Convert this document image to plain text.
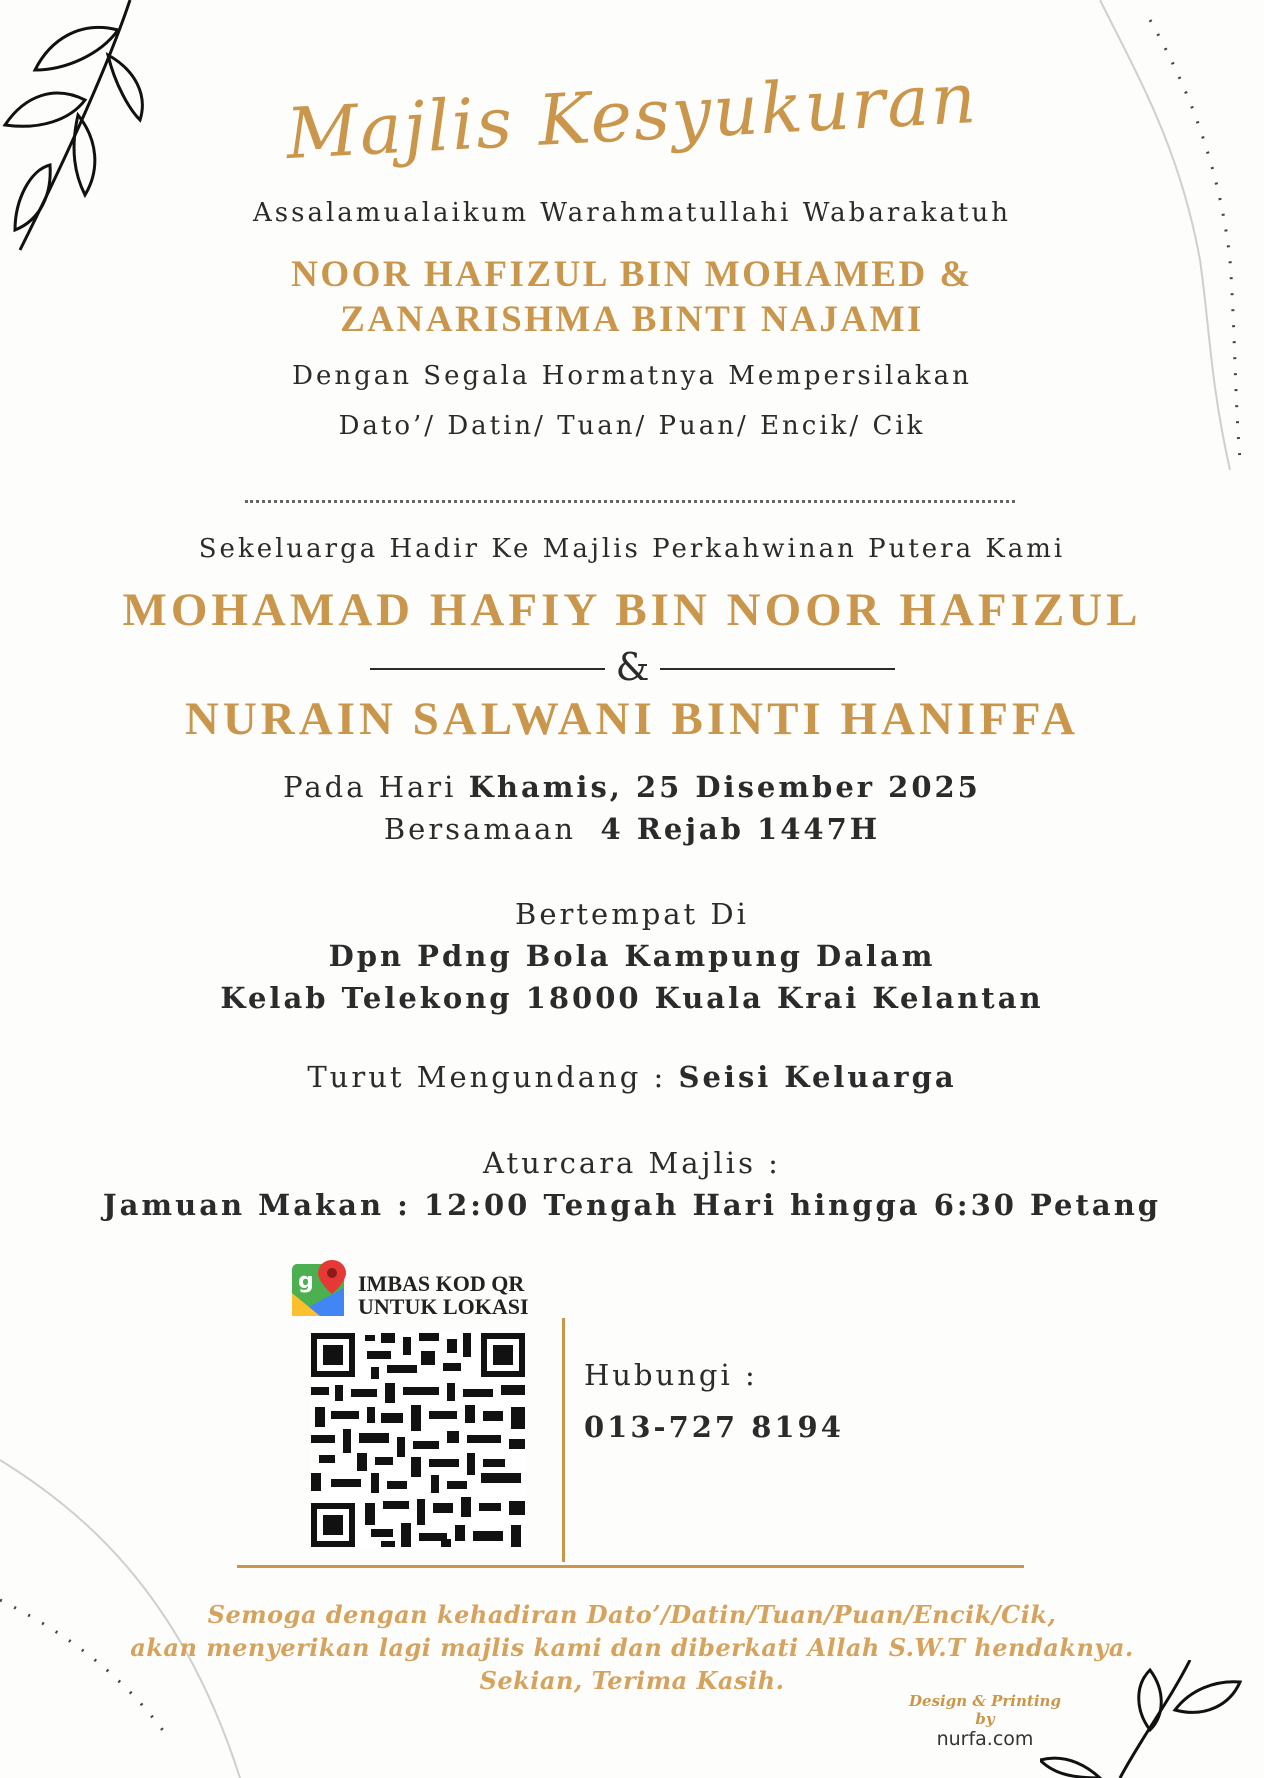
Majlis Kesyukuran
Assalamualaikum Warahmatullahi Wabarakatuh
NOOR HAFIZUL BIN MOHAMED &
ZANARISHMA BINTI NAJAMI
Dengan Segala Hormatnya Mempersilakan
Dato’/ Datin/ Tuan/ Puan/ Encik/ Cik
Sekeluarga Hadir Ke Majlis Perkahwinan Putera Kami
MOHAMAD HAFIY BIN NOOR HAFIZUL
&
NURAIN SALWANI BINTI HANIFFA
Pada Hari Khamis, 25 Disember 2025
Bersamaan 4 Rejab 1447H
Bertempat Di
Dpn Pdng Bola Kampung Dalam
Kelab Telekong 18000 Kuala Krai Kelantan
Turut Mengundang : Seisi Keluarga
Aturcara Majlis :
Jamuan Makan : 12:00 Tengah Hari hingga 6:30 Petang
g IMBAS KOD QR
UNTUK LOKASI
Hubungi :
013-727 8194
Semoga dengan kehadiran Dato’/Datin/Tuan/Puan/Encik/Cik,
akan menyerikan lagi majlis kami dan diberkati Allah S.W.T hendaknya.
Sekian, Terima Kasih.
Design & Printing by
nurfa.com
